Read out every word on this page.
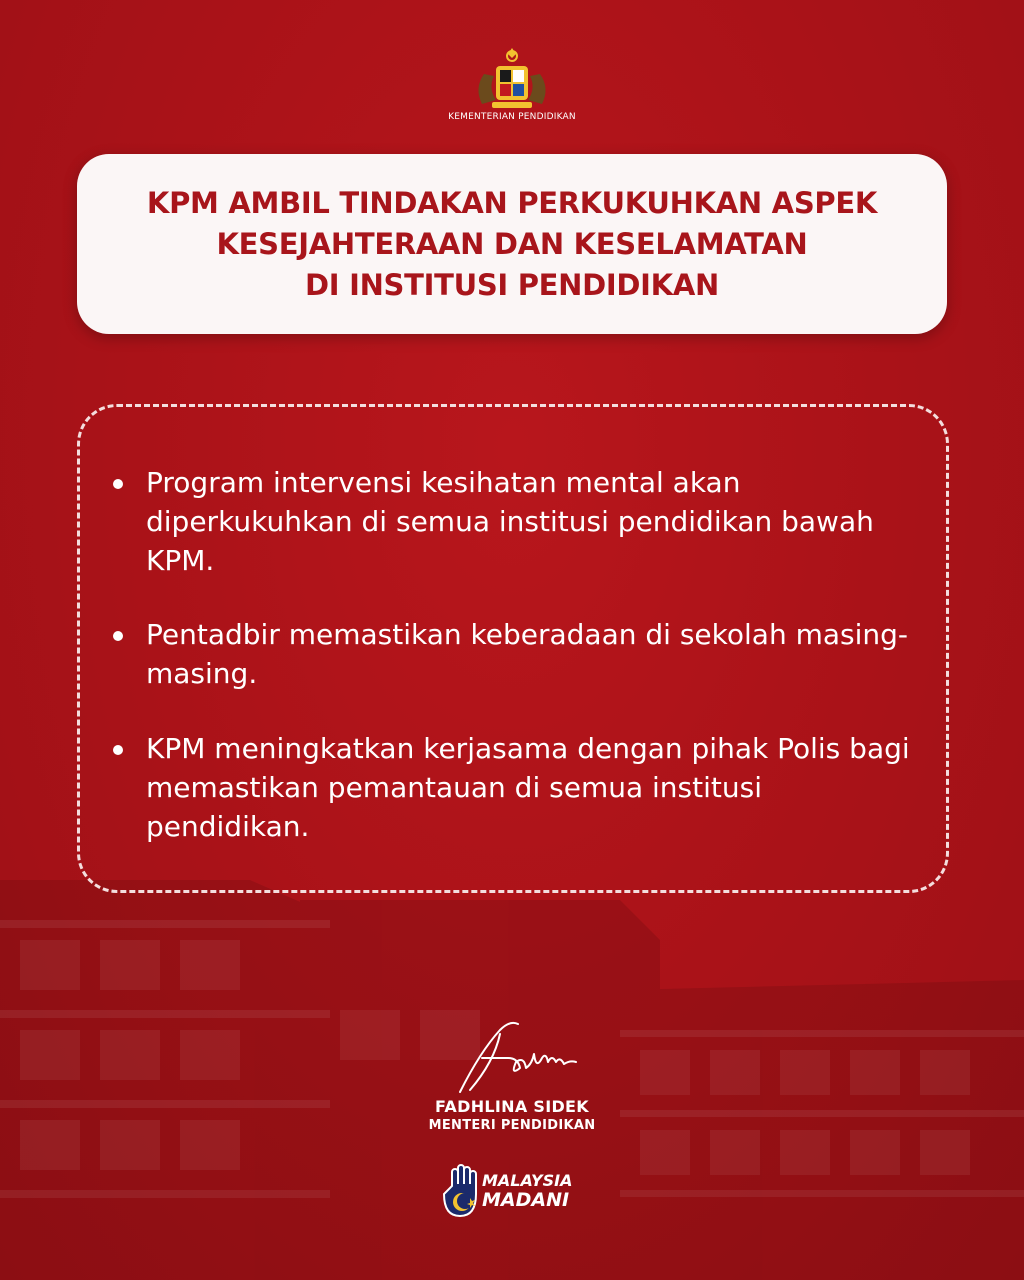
KEMENTERIAN PENDIDIKAN
KPM AMBIL TINDAKAN PERKUKUHKAN ASPEK
KESEJAHTERAAN DAN KESELAMATAN
DI INSTITUSI PENDIDIKAN
Program intervensi kesihatan mental akan diperkukuhkan di semua institusi pendidikan bawah KPM.
Pentadbir memastikan keberadaan di sekolah masing-masing.
KPM meningkatkan kerjasama dengan pihak Polis bagi memastikan pemantauan di semua institusi pendidikan.
FADHLINA SIDEK
MENTERI PENDIDIKAN
MALAYSIA
MADANI
